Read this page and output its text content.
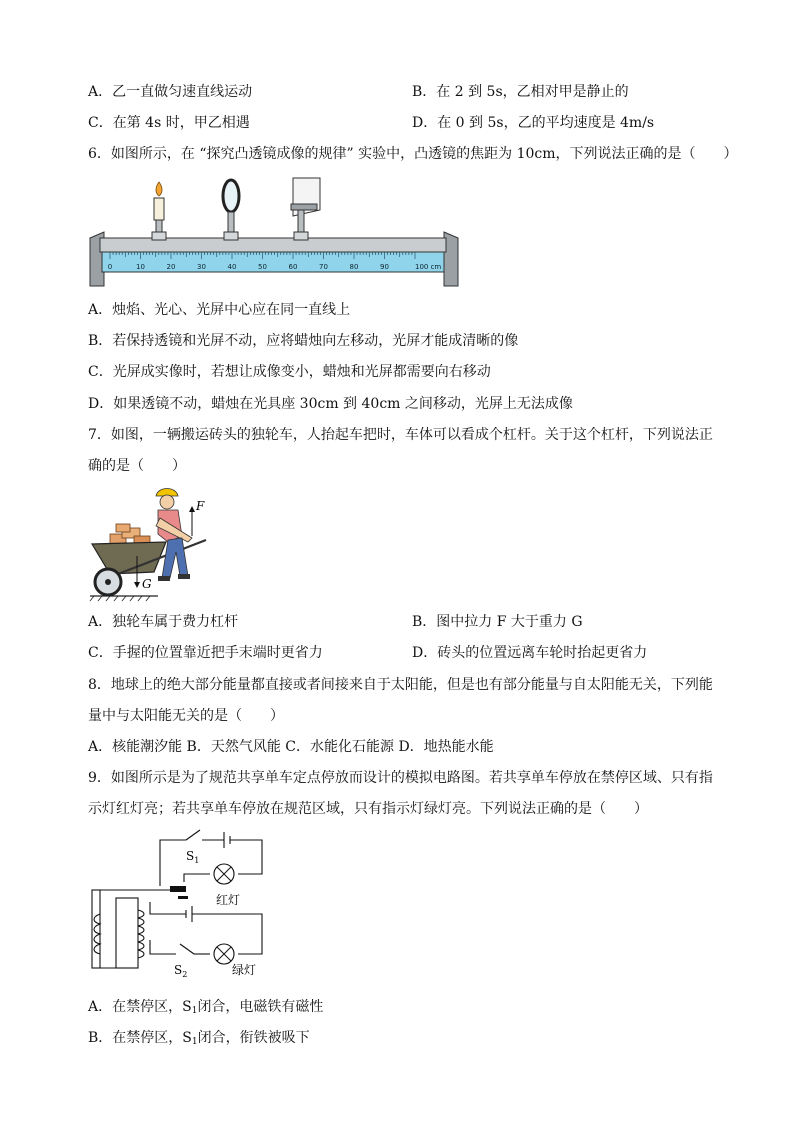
A．乙一直做匀速直线运动	B．在 2 到 5s，乙相对甲是静止的
C．在第 4s 时，甲乙相遇	D．在 0 到 5s，乙的平均速度是 4m/s
6．如图所示，在 “探究凸透镜成像的规律” 实验中，凸透镜的焦距为 10cm，下列说法正确的是（　　）
0	10	20	30	40	50	60	70	80	90	100 cm
A．烛焰、光心、光屏中心应在同一直线上
B．若保持透镜和光屏不动，应将蜡烛向左移动，光屏才能成清晰的像
C．光屏成实像时，若想让成像变小，蜡烛和光屏都需要向右移动
D．如果透镜不动，蜡烛在光具座 30cm 到 40cm 之间移动，光屏上无法成像
7．如图，一辆搬运砖头的独轮车，人抬起车把时，车体可以看成个杠杆。关于这个杠杆，下列说法正
确的是（　　）
F
G
A．独轮车属于费力杠杆	B．图中拉力 F 大于重力 G
C．手握的位置靠近把手末端时更省力	D．砖头的位置远离车轮时抬起更省力
8．地球上的绝大部分能量都直接或者间接来自于太阳能，但是也有部分能量与自太阳能无关，下列能
量中与太阳能无关的是（　　）
A．核能潮汐能 B．天然气风能 C．水能化石能源 D．地热能水能
9．如图所示是为了规范共享单车定点停放而设计的模拟电路图。若共享单车停放在禁停区域、只有指
示灯红灯亮；若共享单车停放在规范区域，只有指示灯绿灯亮。下列说法正确的是（　　）
$S_1$
$S_2$
红灯
绿灯
A．在禁停区，$S_1$闭合，电磁铁有磁性
B．在禁停区，$S_1$闭合，衔铁被吸下
